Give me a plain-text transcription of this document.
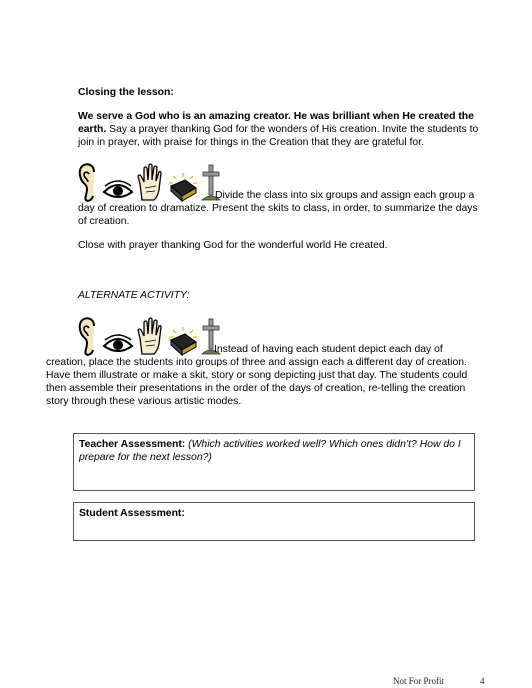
Closing the lesson:

We serve a God who is an amazing creator. He was brilliant when He created the earth. Say a prayer thanking God for the wonders of His creation. Invite the students to join in prayer, with praise for things in the Creation that they are grateful for.

Divide the class into six groups and assign each group a day of creation to dramatize. Present the skits to class, in order, to summarize the days of creation.

Close with prayer thanking God for the wonderful world He created.

ALTERNATE ACTIVITY:

Instead of having each student depict each day of creation, place the students into groups of three and assign each a different day of creation. Have them illustrate or make a skit, story or song depicting just that day. The students could then assemble their presentations in the order of the days of creation, re-telling the creation story through these various artistic modes.

Teacher Assessment: (Which activities worked well? Which ones didn’t? How do I prepare for the next lesson?)

Student Assessment:

Not For Profit	4
